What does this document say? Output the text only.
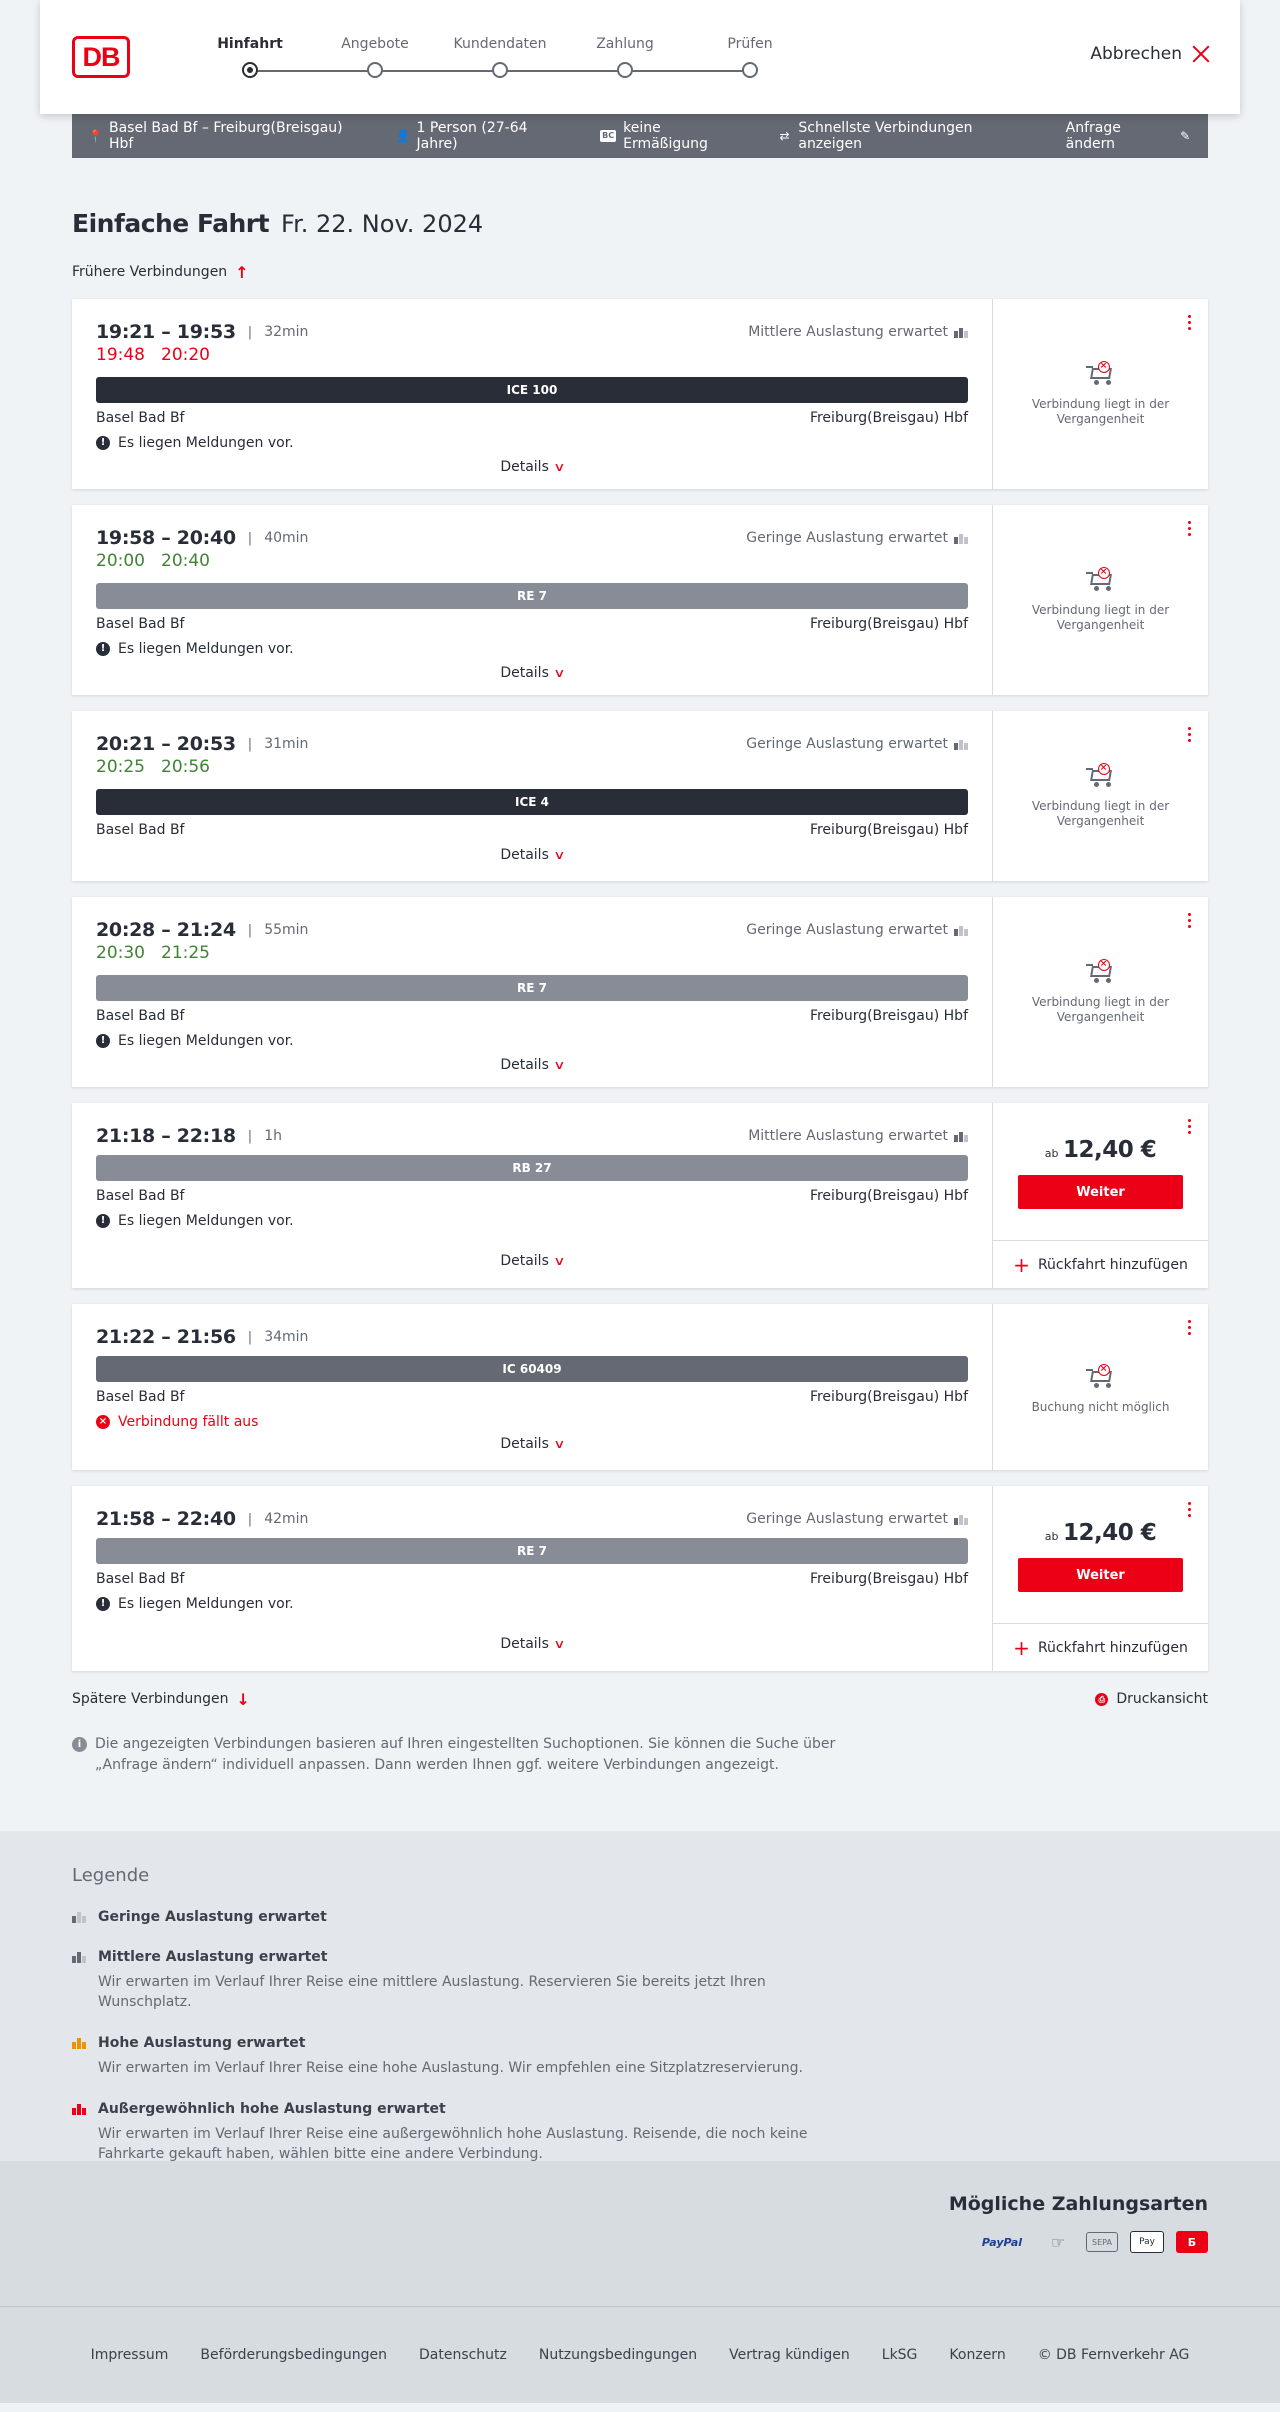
DB	Hinfahrt	Angebote	Kundendaten	Zahlung	Prüfen	Abbrechen
📍 Basel Bad Bf – Freiburg(Breisgau) Hbf	👤 1 Person (27-64 Jahre)
BC keine Ermäßigung	⇄ Schnellste Verbindungen anzeigen
Anfrage ändern	✎
Einfache Fahrt Fr. 22. Nov. 2024
Frühere Verbindungen ↑
19:21 – 19:53 | 32min	Mittlere Auslastung erwartet
19:48 20:20
ICE 100
Basel Bad Bf	Freiburg(Breisgau) Hbf
! Es liegen Meldungen vor.
Details ∨
×
Verbindung liegt in der Vergangenheit
19:58 – 20:40 | 40min	Geringe Auslastung erwartet
20:00 20:40
RE 7
Basel Bad Bf	Freiburg(Breisgau) Hbf
! Es liegen Meldungen vor.
Details ∨
×
Verbindung liegt in der Vergangenheit
20:21 – 20:53 | 31min	Geringe Auslastung erwartet
20:25 20:56
ICE 4
Basel Bad Bf	Freiburg(Breisgau) Hbf
Details ∨
×
Verbindung liegt in der Vergangenheit
20:28 – 21:24 | 55min	Geringe Auslastung erwartet
20:30 21:25
RE 7
Basel Bad Bf	Freiburg(Breisgau) Hbf
! Es liegen Meldungen vor.
Details ∨
×
Verbindung liegt in der Vergangenheit
21:18 – 22:18 | 1h	Mittlere Auslastung erwartet
RB 27
Basel Bad Bf	Freiburg(Breisgau) Hbf
! Es liegen Meldungen vor.
Details ∨
ab 12,40 €
Weiter
+ Rückfahrt hinzufügen
21:22 – 21:56 | 34min
IC 60409
Basel Bad Bf	Freiburg(Breisgau) Hbf
× Verbindung fällt aus
Details ∨
×
Buchung nicht möglich
21:58 – 22:40 | 42min	Geringe Auslastung erwartet
RE 7
Basel Bad Bf	Freiburg(Breisgau) Hbf
! Es liegen Meldungen vor.
Details ∨
ab 12,40 €
Weiter
+ Rückfahrt hinzufügen
Spätere Verbindungen ↓	⎙ Druckansicht
i Die angezeigten Verbindungen basieren auf Ihren eingestellten Suchoptionen. Sie können die Suche über „Anfrage ändern“ individuell anpassen. Dann werden Ihnen ggf. weitere Verbindungen angezeigt.

Legende
Geringe Auslastung erwartet
Mittlere Auslastung erwartet
Wir erwarten im Verlauf Ihrer Reise eine mittlere Auslastung. Reservieren Sie bereits jetzt Ihren Wunschplatz.
Hohe Auslastung erwartet
Wir erwarten im Verlauf Ihrer Reise eine hohe Auslastung. Wir empfehlen eine Sitzplatzreservierung.
Außergewöhnlich hohe Auslastung erwartet
Wir erwarten im Verlauf Ihrer Reise eine außergewöhnlich hohe Auslastung. Reisende, die noch keine Fahrkarte gekauft haben, wählen bitte eine andere Verbindung.
Mögliche Zahlungsarten
PayPal	☞	SEPA	Pay	Ƃ
Impressum Beförderungsbedingungen Datenschutz Nutzungsbedingungen Vertrag kündigen LkSG Konzern © DB Fernverkehr AG
